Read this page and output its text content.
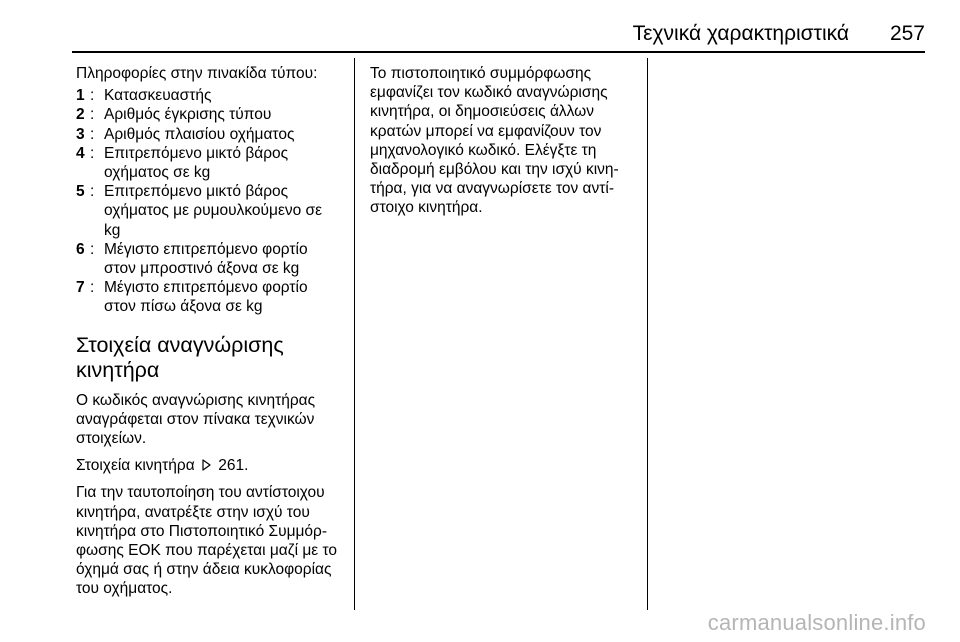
Τεχνικά χαρακτηριστικά 257

Πληροφορίες στην πινακίδα τύπου:

1 : Κατασκευαστής
2 : Αριθμός έγκρισης τύπου
3 : Αριθμός πλαισίου οχήματος
4 : Επιτρεπόμενο μικτό βάρος οχήματος σε kg
5 : Επιτρεπόμενο μικτό βάρος οχήματος με ρυμουλκούμενο σε kg
6 : Μέγιστο επιτρεπόμενο φορτίο στον μπροστινό άξονα σε kg
7 : Μέγιστο επιτρεπόμενο φορτίο στον πίσω άξονα σε kg
Στοιχεία αναγνώρισης κινητήρα

Ο κωδικός αναγνώρισης κινητήρας αναγράφεται στον πίνακα τεχνικών στοιχείων.

Στοιχεία κινητήρα 261.

Για την ταυτοποίηση του αντίστοιχου κινητήρα, ανατρέξτε στην ισχύ του κινητήρα στο Πιστοποιητικό Συμμόρφωσης ΕΟΚ που παρέχεται μαζί με το όχημά σας ή στην άδεια κυκλοφορίας του οχήματος.

Το πιστοποιητικό συμμόρφωσης εμφανίζει τον κωδικό αναγνώρισης κινητήρα, οι δημοσιεύσεις άλλων κρατών μπορεί να εμφανίζουν τον μηχανολογικό κωδικό. Ελέγξτε τη διαδρομή εμβόλου και την ισχύ κινητήρα, για να αναγνωρίσετε τον αντίστοιχο κινητήρα.

carmanualsonline.info
